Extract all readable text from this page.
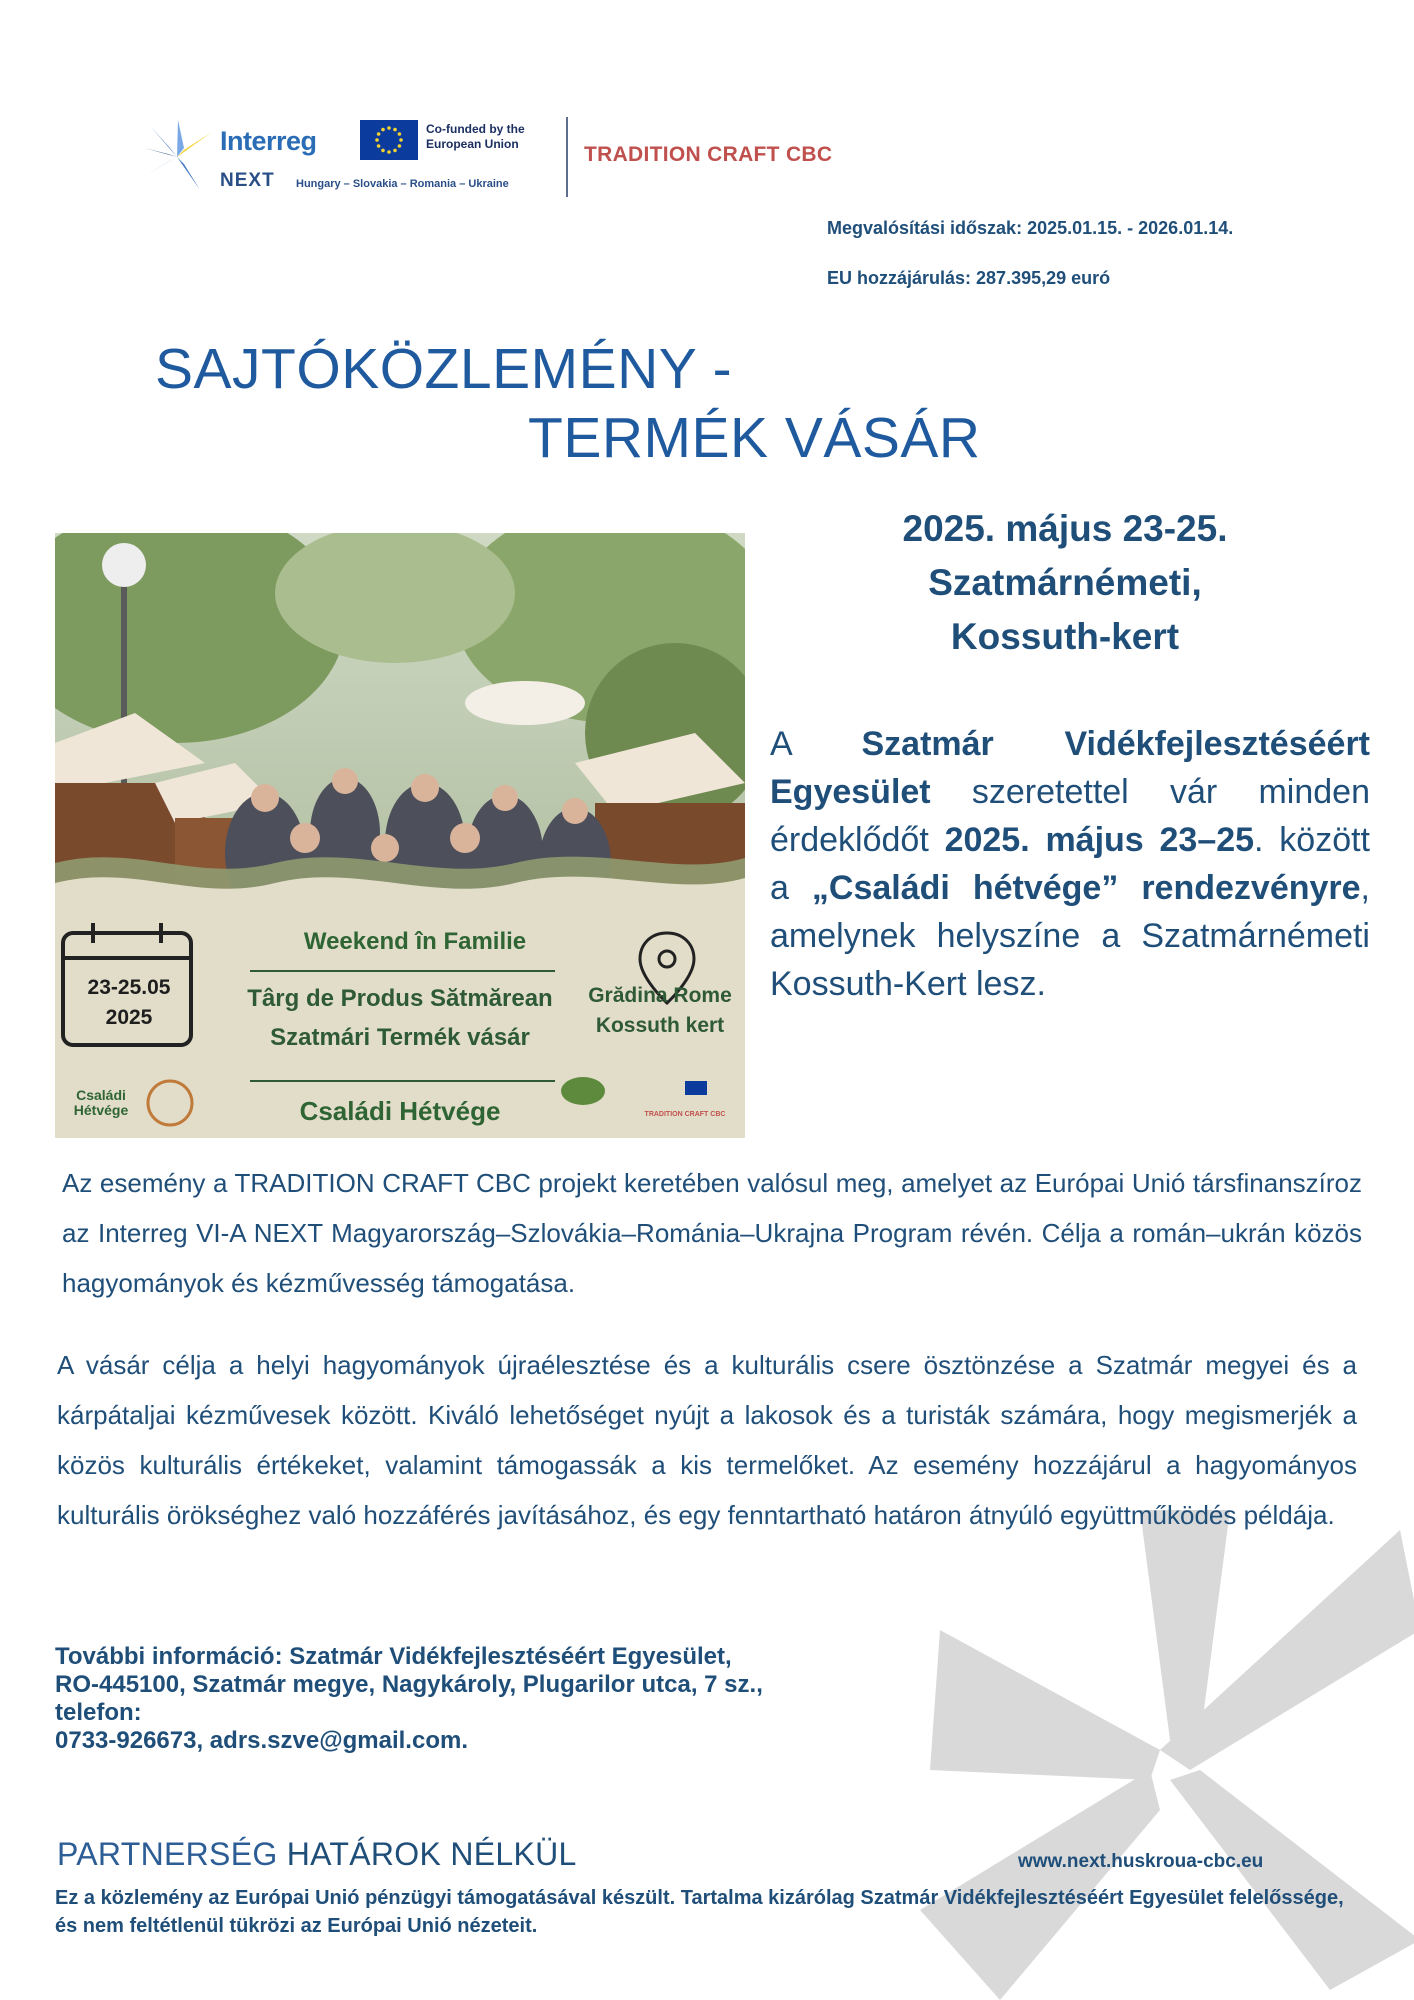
Interreg
NEXT Hungary – Slovakia – Romania – Ukraine
Co-funded by the European Union	TRADITION CRAFT CBC
Megvalósítási időszak: 2025.01.15. - 2026.01.14.
EU hozzájárulás: 287.395,29 euró
SAJTÓKÖZLEMÉNY -
TERMÉK VÁSÁR
2025. május 23-25.
Szatmárnémeti,
Kossuth-kert
Weekend în Familie
Târg de Produs Sătmărean
Szatmári Termék vásár
Családi Hétvége
23-25.05
2025
Grădina Rome
Kossuth kert
Családi
Hétvége	TRADITION CRAFT CBC
A Szatmár Vidékfejlesztéséért Egyesület szeretettel vár minden érdeklődőt 2025. május 23–25. között a „Családi hétvége” rendezvényre, amelynek helyszíne a Szatmárnémeti Kossuth-Kert lesz.
Az esemény a TRADITION CRAFT CBC projekt keretében valósul meg, amelyet az Európai Unió társfinanszíroz az Interreg VI-A NEXT Magyarország–Szlovákia–Románia–Ukrajna Program révén. Célja a román–ukrán közös hagyományok és kézművesség támogatása.
A vásár célja a helyi hagyományok újraélesztése és a kulturális csere ösztönzése a Szatmár megyei és a kárpátaljai kézművesek között. Kiváló lehetőséget nyújt a lakosok és a turisták számára, hogy megismerjék a közös kulturális értékeket, valamint támogassák a kis termelőket. Az esemény hozzájárul a hagyományos kulturális örökséghez való hozzáférés javításához, és egy fenntartható határon átnyúló együttműködés példája.
További információ: Szatmár Vidékfejlesztéséért Egyesület,
RO-445100, Szatmár megye, Nagykároly, Plugarilor utca, 7 sz.,
telefon:
0733-926673, adrs.szve@gmail.com.
PARTNERSÉG HATÁROK NÉLKÜL	www.next.huskroua-cbc.eu
Ez a közlemény az Európai Unió pénzügyi támogatásával készült. Tartalma kizárólag Szatmár Vidékfejlesztéséért Egyesület felelőssége, és nem feltétlenül tükrözi az Európai Unió nézeteit.
